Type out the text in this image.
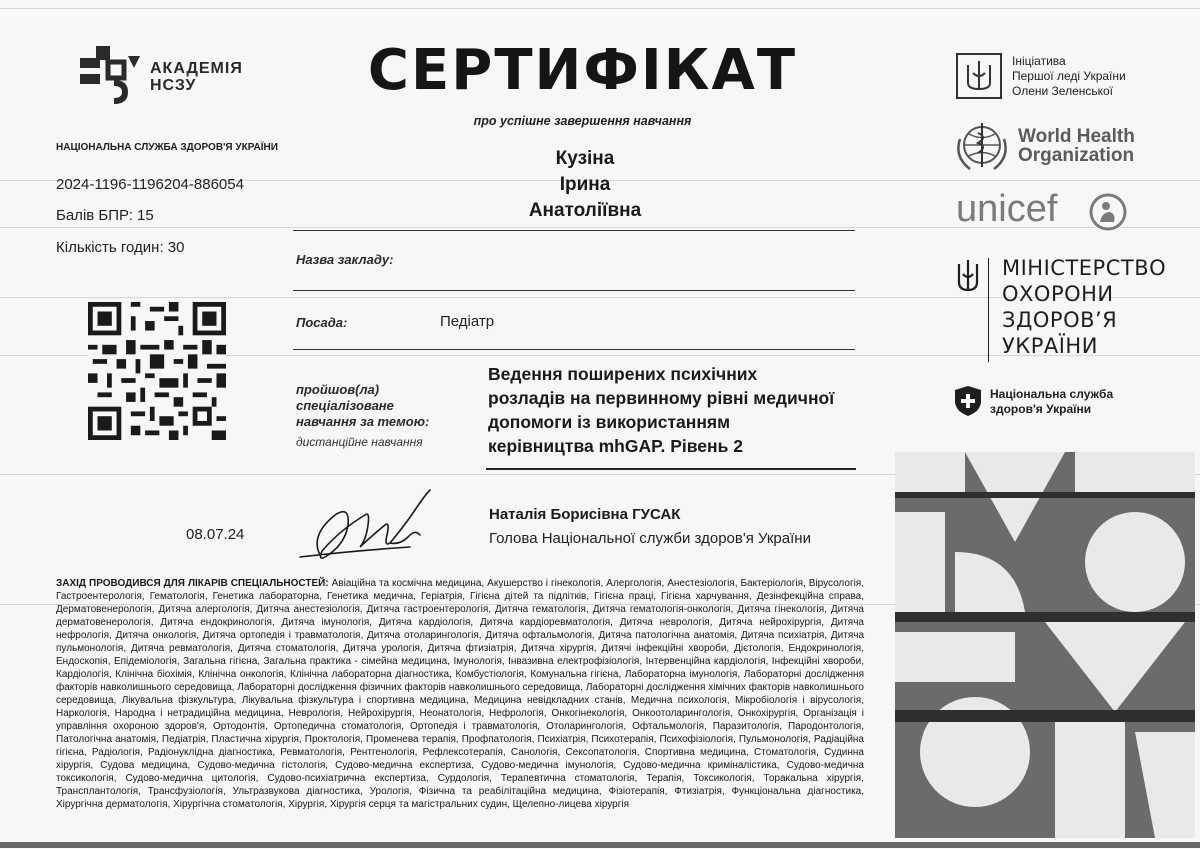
АКАДЕМІЯ
НСЗУ
НАЦІОНАЛЬНА СЛУЖБА ЗДОРОВ'Я УКРАЇНИ
2024-1196-1196204-886054
Балів БПР: 15
Кількість годин: 30
СЕРТИФІКАТ
про успішне завершення навчання
Кузіна
Ірина
Анатоліївна
Назва закладу:
Посада:	Педіатр
пройшов(ла)
спеціалізоване
навчання за темою:
дистанційне навчання
Ведення поширених психічних
розладів на первинному рівні медичної
допомоги із використанням
керівництва mhGAP. Рівень 2
08.07.24
Наталія Борисівна ГУСАК
Голова Національної служби здоров'я України
ЗАХІД ПРОВОДИВСЯ ДЛЯ ЛІКАРІВ СПЕЦІАЛЬНОСТЕЙ: Авіаційна та космічна медицина, Акушерство і гінекологія, Алергологія, Анестезіологія, Бактеріологія, Вірусологія, Гастроентерологія, Гематологія, Генетика лабораторна, Генетика медична, Геріатрія, Гігієна дітей та підлітків, Гігієна праці, Гігієна харчування, Дезінфекційна справа, Дерматовенерологія, Дитяча алергологія, Дитяча анестезіологія, Дитяча гастроентерологія, Дитяча гематологія, Дитяча гематологія-онкологія, Дитяча гінекологія, Дитяча дерматовенерологія, Дитяча ендокринологія, Дитяча імунологія, Дитяча кардіологія, Дитяча кардіоревматологія, Дитяча неврологія, Дитяча нейрохірургія, Дитяча нефрологія, Дитяча онкологія, Дитяча ортопедія і травматологія, Дитяча отоларингологія, Дитяча офтальмологія, Дитяча патологічна анатомія, Дитяча психіатрія, Дитяча пульмонологія, Дитяча ревматологія, Дитяча стоматологія, Дитяча урологія, Дитяча фтизіатрія, Дитяча хірургія, Дитячі інфекційні хвороби, Дієтологія, Ендокринологія, Ендоскопія, Епідеміологія, Загальна гігієна, Загальна практика - сімейна медицина, Імунологія, Інвазивна електрофізіологія, Інтервенційна кардіологія, Інфекційні хвороби, Кардіологія, Клінічна біохімія, Клінічна онкологія, Клінічна лабораторна діагностика, Комбустіологія, Комунальна гігієна, Лабораторна імунологія, Лабораторні дослідження факторів навколишнього середовища, Лабораторні дослідження фізичних факторів навколишнього середовища, Лабораторні дослідження хімічних факторів навколишнього середовища, Лікувальна фізкультура, Лікувальна фізкультура і спортивна медицина, Медицина невідкладних станів, Медична психологія, Мікробіологія і вірусологія, Наркологія, Народна і нетрадиційна медицина, Неврологія, Нейрохірургія, Неонатологія, Нефрологія, Онкогінекологія, Онкоотоларингологія, Онкохірургія, Організація і управління охороною здоров'я, Ортодонтія, Ортопедична стоматологія, Ортопедія і травматологія, Отоларингологія, Офтальмологія, Паразитологія, Пародонтологія, Патологічна анатомія, Педіатрія, Пластична хірургія, Проктологія, Променева терапія, Профпатологія, Психіатрія, Психотерапія, Психофізіологія, Пульмонологія, Радіаційна гігієна, Радіологія, Радіонуклідна діагностика, Ревматологія, Рентгенологія, Рефлексотерапія, Санологія, Сексопатологія, Спортивна медицина, Стоматологія, Судинна хірургія, Судова медицина, Судово-медична гістологія, Судово-медична експертиза, Судово-медична імунологія, Судово-медична криміналістика, Судово-медична токсикологія, Судово-медична цитологія, Судово-психіатрична експертиза, Сурдологія, Терапевтична стоматологія, Терапія, Токсикологія, Торакальна хірургія, Трансплантологія, Трансфузіологія, Ультразвукова діагностика, Урологія, Фізична та реабілітаційна медицина, Фізіотерапія, Фтизіатрія, Функціональна діагностика, Хірургічна дерматологія, Хірургічна стоматологія, Хірургія, Хірургія серця та магістральних судин, Щелепно-лицева хірургія
Ініціатива
Першої леді України
Олени Зеленської
World Health
Organization
unicef
МІНІСТЕРСТВО
ОХОРОНИ
ЗДОРОВ’Я
УКРАЇНИ
Національна служба
здоров'я України
